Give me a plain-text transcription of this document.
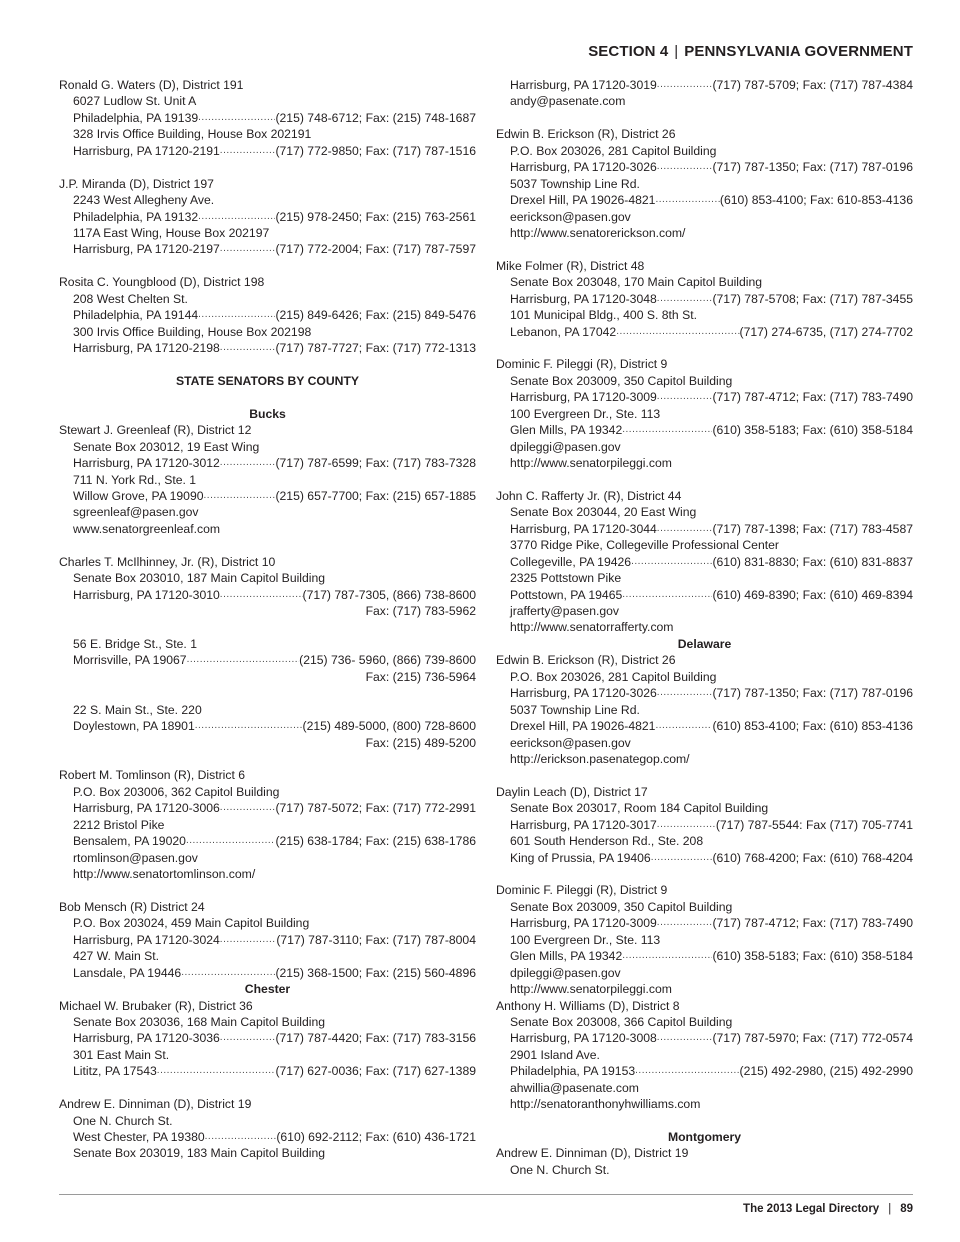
SECTION 4 | PENNSYLVANIA GOVERNMENT
Ronald G. Waters (D), District 191
6027 Ludlow St. Unit A
Philadelphia, PA 19139 .....	(215) 748-6712; Fax: (215) 748-1687
328 Irvis Office Building, House Box 202191
Harrisburg, PA 17120-2191 .....	(717) 772-9850; Fax: (717) 787-1516
J.P. Miranda (D), District 197
2243 West Allegheny Ave.
Philadelphia, PA 19132 .....	(215) 978-2450; Fax: (215) 763-2561
117A East Wing, House Box 202197
Harrisburg, PA 17120-2197 .....	(717) 772-2004; Fax: (717) 787-7597
Rosita C. Youngblood (D), District 198
208 West Chelten St.
Philadelphia, PA 19144 .....	(215) 849-6426; Fax: (215) 849-5476
300 Irvis Office Building, House Box 202198
Harrisburg, PA 17120-2198 .....	(717) 787-7727; Fax: (717) 772-1313
STATE SENATORS BY COUNTY
Bucks
Stewart J. Greenleaf (R), District 12
Senate Box 203012, 19 East Wing
Harrisburg, PA 17120-3012 .....	(717) 787-6599; Fax: (717) 783-7328
711 N. York Rd., Ste. 1
Willow Grove, PA 19090 .....	(215) 657-7700; Fax: (215) 657-1885
sgreenleaf@pasen.gov
www.senatorgreenleaf.com
Charles T. McIlhinney, Jr. (R), District 10
Senate Box 203010, 187 Main Capitol Building
Harrisburg, PA 17120-3010 .....	(717) 787-7305, (866) 738-8600
Fax: (717) 783-5962
56 E. Bridge St., Ste. 1
Morrisville, PA 19067 .....	(215) 736- 5960, (866) 739-8600
Fax: (215) 736-5964
22 S. Main St., Ste. 220
Doylestown, PA 18901 .....	(215) 489-5000, (800) 728-8600
Fax: (215) 489-5200
Robert M. Tomlinson (R), District 6
P.O. Box 203006, 362 Capitol Building
Harrisburg, PA 17120-3006 .....	(717) 787-5072; Fax: (717) 772-2991
2212 Bristol Pike
Bensalem, PA 19020 .....	(215) 638-1784; Fax: (215) 638-1786
rtomlinson@pasen.gov
http://www.senatortomlinson.com/
Bob Mensch (R) District 24
P.O. Box 203024, 459 Main Capitol Building
Harrisburg, PA 17120-3024 .....	(717) 787-3110; Fax: (717) 787-8004
427 W. Main St.
Lansdale, PA 19446 .....	(215) 368-1500; Fax: (215) 560-4896
Chester
Michael W. Brubaker (R), District 36
Senate Box 203036, 168 Main Capitol Building
Harrisburg, PA 17120-3036 .....	(717) 787-4420; Fax: (717) 783-3156
301 East Main St.
Lititz, PA 17543 .....	(717) 627-0036; Fax: (717) 627-1389
Andrew E. Dinniman (D), District 19
One N. Church St.
West Chester, PA 19380 .....	(610) 692-2112; Fax: (610) 436-1721
Senate Box 203019, 183 Main Capitol Building
Harrisburg, PA 17120-3019 .....	(717) 787-5709; Fax: (717) 787-4384
andy@pasenate.com
Edwin B. Erickson (R), District 26
P.O. Box 203026, 281 Capitol Building
Harrisburg, PA 17120-3026 .....	(717) 787-1350; Fax: (717) 787-0196
5037 Township Line Rd.
Drexel Hill, PA 19026-4821 .....	(610) 853-4100; Fax: 610-853-4136
eerickson@pasen.gov
http://www.senatorerickson.com/
Mike Folmer (R), District 48
Senate Box 203048, 170 Main Capitol Building
Harrisburg, PA 17120-3048 .....	(717) 787-5708; Fax: (717) 787-3455
101 Municipal Bldg., 400 S. 8th St.
Lebanon, PA 17042 .....	(717) 274-6735, (717) 274-7702
Dominic F. Pileggi (R), District 9
Senate Box 203009, 350 Capitol Building
Harrisburg, PA 17120-3009 .....	(717) 787-4712; Fax: (717) 783-7490
100 Evergreen Dr., Ste. 113
Glen Mills, PA 19342 .....	(610) 358-5183; Fax: (610) 358-5184
dpileggi@pasen.gov
http://www.senatorpileggi.com
John C. Rafferty Jr. (R), District 44
Senate Box 203044, 20 East Wing
Harrisburg, PA 17120-3044 .....	(717) 787-1398; Fax: (717) 783-4587
3770 Ridge Pike, Collegeville Professional Center
Collegeville, PA 19426 .....	(610) 831-8830; Fax: (610) 831-8837
2325 Pottstown Pike
Pottstown, PA 19465 .....	(610) 469-8390; Fax: (610) 469-8394
jrafferty@pasen.gov
http://www.senatorrafferty.com
Delaware
Edwin B. Erickson (R), District 26
P.O. Box 203026, 281 Capitol Building
Harrisburg, PA 17120-3026 .....	(717) 787-1350; Fax: (717) 787-0196
5037 Township Line Rd.
Drexel Hill, PA 19026-4821 .....	(610) 853-4100; Fax: (610) 853-4136
eerickson@pasen.gov
http://erickson.pasenategop.com/
Daylin Leach (D), District 17
Senate Box 203017, Room 184 Capitol Building
Harrisburg, PA 17120-3017 .....	(717) 787-5544: Fax (717) 705-7741
601 South Henderson Rd., Ste. 208
King of Prussia, PA 19406 .....	(610) 768-4200; Fax: (610) 768-4204
Dominic F. Pileggi (R), District 9
Senate Box 203009, 350 Capitol Building
Harrisburg, PA 17120-3009 .....	(717) 787-4712; Fax: (717) 783-7490
100 Evergreen Dr., Ste. 113
Glen Mills, PA 19342 .....	(610) 358-5183; Fax: (610) 358-5184
dpileggi@pasen.gov
http://www.senatorpileggi.com
Anthony H. Williams (D), District 8
Senate Box 203008, 366 Capitol Building
Harrisburg, PA 17120-3008 .....	(717) 787-5970; Fax: (717) 772-0574
2901 Island Ave.
Philadelphia, PA 19153 .....	(215) 492-2980, (215) 492-2990
ahwillia@pasenate.com
http://senatoranthonyhwilliams.com
Montgomery
Andrew E. Dinniman (D), District 19
One N. Church St.
The 2013 Legal Directory | 89
